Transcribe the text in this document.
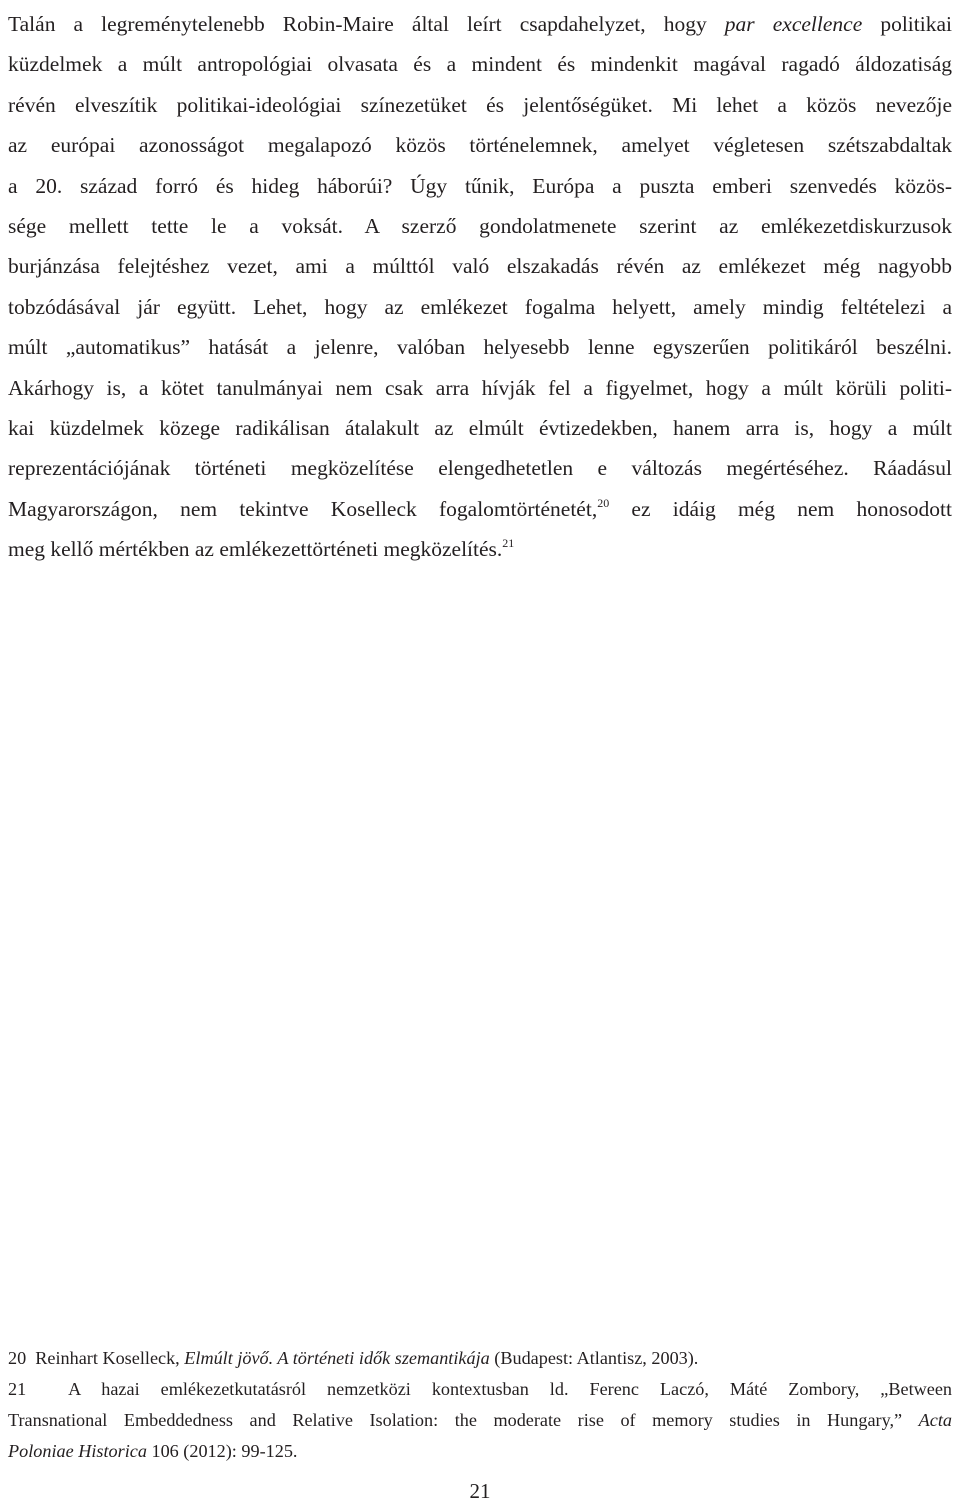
Talán a legreménytelenebb Robin-Maire által leírt csapdahelyzet, hogy par excellence politikai
küzdelmek a múlt antropológiai olvasata és a mindent és mindenkit magával ragadó áldozatiság
révén elveszítik politikai-ideológiai színezetüket és jelentőségüket. Mi lehet a közös nevezője
az európai azonosságot megalapozó közös történelemnek, amelyet végletesen szétszabdaltak
a 20. század forró és hideg háborúi? Úgy tűnik, Európa a puszta emberi szenvedés közös-
sége mellett tette le a voksát. A szerző gondolatmenete szerint az emlékezetdiskurzusok
burjánzása felejtéshez vezet, ami a múlttól való elszakadás révén az emlékezet még nagyobb
tobzódásával jár együtt. Lehet, hogy az emlékezet fogalma helyett, amely mindig feltételezi a
múlt „automatikus” hatását a jelenre, valóban helyesebb lenne egyszerűen politikáról beszélni.
Akárhogy is, a kötet tanulmányai nem csak arra hívják fel a figyelmet, hogy a múlt körüli politi-
kai küzdelmek közege radikálisan átalakult az elmúlt évtizedekben, hanem arra is, hogy a múlt
reprezentációjának történeti megközelítése elengedhetetlen e változás megértéséhez. Ráadásul
Magyarországon, nem tekintve Koselleck fogalomtörténetét,$^{20}$ ez idáig még nem honosodott
meg kellő mértékben az emlékezettörténeti megközelítés.$^{21}$

20 Reinhart Koselleck, Elmúlt jövő. A történeti idők szemantikája (Budapest: Atlantisz, 2003).
21 A hazai emlékezetkutatásról nemzetközi kontextusban ld. Ferenc Laczó, Máté Zombory, „Between
Transnational Embeddedness and Relative Isolation: the moderate rise of memory studies in Hungary,” Acta
Poloniae Historica 106 (2012): 99-125.
21
